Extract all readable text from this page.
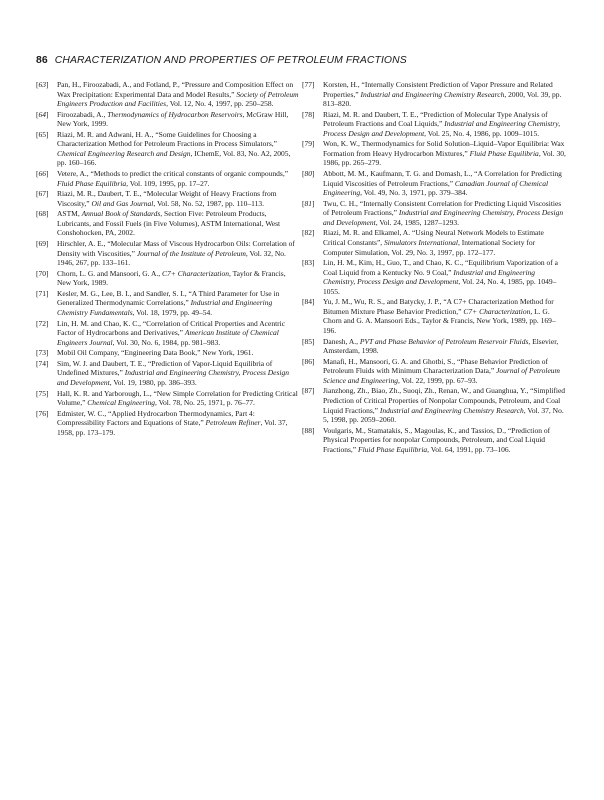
86 CHARACTERIZATION AND PROPERTIES OF PETROLEUM FRACTIONS
[63] Pan, H., Firoozabadi, A., and Fotland, P., “Pressure and Composition Effect on Wax Precipitation: Experimental Data and Model Results,” Society of Petroleum Engineers Production and Facilities, Vol. 12, No. 4, 1997, pp. 250–258.
[64] Firoozabadi, A., Thermodynamics of Hydrocarbon Reservoirs, McGraw Hill, New York, 1999.
[65] Riazi, M. R. and Adwani, H. A., “Some Guidelines for Choosing a Characterization Method for Petroleum Fractions in Process Simulators,” Chemical Engineering Research and Design, IChemE, Vol. 83, No. A2, 2005, pp. 160–166.
[66] Vetere, A., “Methods to predict the critical constants of organic compounds,” Fluid Phase Equilibria, Vol. 109, 1995, pp. 17–27.
[67] Riazi, M. R., Daubert, T. E., “Molecular Weight of Heavy Fractions from Viscosity,” Oil and Gas Journal, Vol. 58, No. 52, 1987, pp. 110–113.
[68] ASTM, Annual Book of Standards, Section Five: Petroleum Products, Lubricants, and Fossil Fuels (in Five Volumes), ASTM International, West Conshohocken, PA, 2002.
[69] Hirschler, A. E., “Molecular Mass of Viscous Hydrocarbon Oils: Correlation of Density with Viscosities,” Journal of the Institute of Petroleum, Vol. 32, No. 1946, 267, pp. 133–161.
[70] Chorn, L. G. and Mansoori, G. A., C7+ Characterization, Taylor & Francis, New York, 1989.
[71] Kesler, M. G., Lee, B. I., and Sandler, S. I., “A Third Parameter for Use in Generalized Thermodynamic Correlations,” Industrial and Engineering Chemistry Fundamentals, Vol. 18, 1979, pp. 49–54.
[72] Lin, H. M. and Chao, K. C., “Correlation of Critical Properties and Acentric Factor of Hydrocarbons and Derivatives,” American Institute of Chemical Engineers Journal, Vol. 30, No. 6, 1984, pp. 981–983.
[73] Mobil Oil Company, “Engineering Data Book,” New York, 1961.
[74] Sim, W. J. and Daubert, T. E., “Prediction of Vapor-Liquid Equilibria of Undefined Mixtures,” Industrial and Engineering Chemistry, Process Design and Development, Vol. 19, 1980, pp. 386–393.
[75] Hall, K. R. and Yarborough, L., “New Simple Correlation for Predicting Critical Volume,” Chemical Engineering, Vol. 78, No. 25, 1971, p. 76–77.
[76] Edmister, W. C., “Applied Hydrocarbon Thermodynamics, Part 4: Compressibility Factors and Equations of State,” Petroleum Refiner, Vol. 37, 1958, pp. 173–179.
[77] Korsten, H., “Internally Consistent Prediction of Vapor Pressure and Related Properties,” Industrial and Engineering Chemistry Research, 2000, Vol. 39, pp. 813–820.
[78] Riazi, M. R. and Daubert, T. E., “Prediction of Molecular Type Analysis of Petroleum Fractions and Coal Liquids,” Industrial and Engineering Chemistry, Process Design and Development, Vol. 25, No. 4, 1986, pp. 1009–1015.
[79] Won, K. W., Thermodynamics for Solid Solution–Liquid–Vapor Equilibria: Wax Formation from Heavy Hydrocarbon Mixtures,” Fluid Phase Equilibria, Vol. 30, 1986, pp. 265–279.
[80] Abbott, M. M., Kaufmann, T. G. and Domash, L., “A Correlation for Predicting Liquid Viscosities of Petroleum Fractions,” Canadian Journal of Chemical Engineering, Vol. 49, No. 3, 1971, pp. 379–384.
[81] Twu, C. H., “Internally Consistent Correlation for Predicting Liquid Viscosities of Petroleum Fractions,” Industrial and Engineering Chemistry, Process Design and Development, Vol. 24, 1985, 1287–1293.
[82] Riazi, M. R. and Elkamel, A. “Using Neural Network Models to Estimate Critical Constants”, Simulators International, International Society for Computer Simulation, Vol. 29, No. 3, 1997, pp. 172–177.
[83] Lin, H. M., Kim, H., Guo, T., and Chao, K. C., “Equilibrium Vaporization of a Coal Liquid from a Kentucky No. 9 Coal,” Industrial and Engineering Chemistry, Process Design and Development, Vol. 24, No. 4, 1985, pp. 1049–1055.
[84] Yu, J. M., Wu, R. S., and Batycky, J. P., “A C7+ Characterization Method for Bitumen Mixture Phase Behavior Prediction,” C7+ Characterization, L. G. Chorn and G. A. Mansoori Eds., Taylor & Francis, New York, 1989, pp. 169–196.
[85] Danesh, A., PVT and Phase Behavior of Petroleum Reservoir Fluids, Elsevier, Amsterdam, 1998.
[86] Manafi, H., Mansoori, G. A. and Ghotbi, S., “Phase Behavior Prediction of Petroleum Fluids with Minimum Characterization Data,” Journal of Petroleum Science and Engineering, Vol. 22, 1999, pp. 67–93.
[87] Jianzhong, Zh., Biao, Zh., Suoqi, Zh., Renan, W., and Guanghua, Y., “Simplified Prediction of Critical Properties of Nonpolar Compounds, Petroleum, and Coal Liquid Fractions,” Industrial and Engineering Chemistry Research, Vol. 37, No. 5, 1998, pp. 2059–2060.
[88] Voulgaris, M., Stamatakis, S., Magoulas, K., and Tassios, D., “Prediction of Physical Properties for nonpolar Compounds, Petroleum, and Coal Liquid Fractions,” Fluid Phase Equilibria, Vol. 64, 1991, pp. 73–106.
